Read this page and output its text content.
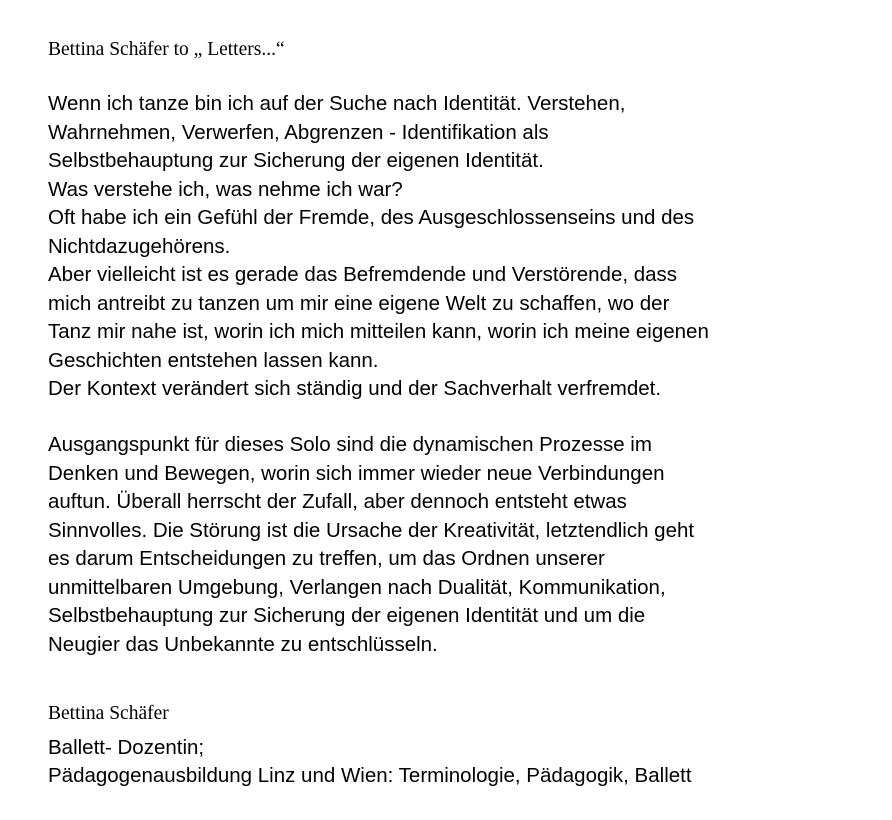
Bettina Schäfer to „ Letters...“

Wenn ich tanze bin ich auf der Suche nach Identität. Verstehen,

Wahrnehmen, Verwerfen, Abgrenzen - Identifikation als

Selbstbehauptung zur Sicherung der eigenen Identität.

Was verstehe ich, was nehme ich war?

Oft habe ich ein Gefühl der Fremde, des Ausgeschlossenseins und des

Nichtdazugehörens.

Aber vielleicht ist es gerade das Befremdende und Verstörende, dass

mich antreibt zu tanzen um mir eine eigene Welt zu schaffen, wo der

Tanz mir nahe ist, worin ich mich mitteilen kann, worin ich meine eigenen

Geschichten entstehen lassen kann.

Der Kontext verändert sich ständig und der Sachverhalt verfremdet.

Ausgangspunkt für dieses Solo sind die dynamischen Prozesse im

Denken und Bewegen, worin sich immer wieder neue Verbindungen

auftun. Überall herrscht der Zufall, aber dennoch entsteht etwas

Sinnvolles. Die Störung ist die Ursache der Kreativität, letztendlich geht

es darum Entscheidungen zu treffen, um das Ordnen unserer

unmittelbaren Umgebung, Verlangen nach Dualität, Kommunikation,

Selbstbehauptung zur Sicherung der eigenen Identität und um die

Neugier das Unbekannte zu entschlüsseln.

Bettina Schäfer

Ballett- Dozentin;

Pädagogenausbildung Linz und Wien: Terminologie, Pädagogik, Ballett
